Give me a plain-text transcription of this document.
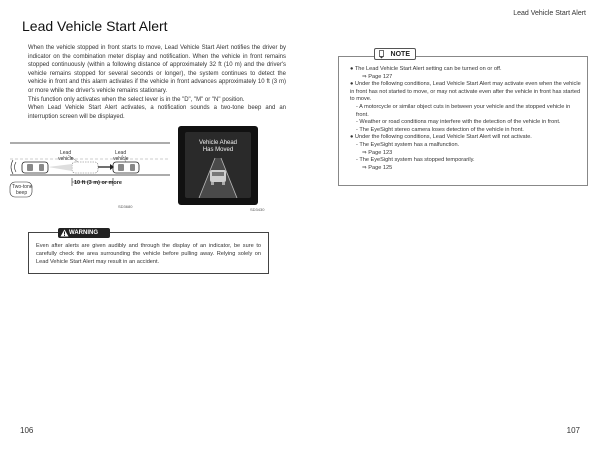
Lead Vehicle Start Alert
Lead Vehicle Start Alert

When the vehicle stopped in front starts to move, Lead Vehicle Start Alert notifies the driver by indicator on the combination meter display and notification. When the vehicle in front remains stopped continuously (within a following distance of approximately 32 ft (10 m) and the driver's vehicle remains stopped for several seconds or longer), the system continues to detect the vehicle in front and this alarm activates if the vehicle in front advances approximately 10 ft (3 m) or more while the driver's vehicle remains stationary.

This function only activates when the select lever is in the "D", "M" or "N" position.

When Lead Vehicle Start Alert activates, a notification sounds a two-tone beep and an interruption screen will be displayed.

Lead
vehicle
Lead
vehicle
Two-tone
beep
10 ft (3 m) or more
SD3680
Vehicle Ahead
Has Moved
SD3430
WARNING

Even after alerts are given audibly and through the display of an indicator, be sure to carefully check the area surrounding the vehicle before pulling away. Relying solely on Lead Vehicle Start Alert may result in an accident.

NOTE
● The Lead Vehicle Start Alert setting can be turned on or off.
⇒ Page 127
● Under the following conditions, Lead Vehicle Start Alert may activate even when the vehicle in front has not started to move, or may not activate even after the vehicle in front has started to move.
- A motorcycle or similar object cuts in between your vehicle and the stopped vehicle in front.
- Weather or road conditions may interfere with the detection of the vehicle in front.
- The EyeSight stereo camera loses detection of the vehicle in front.
● Under the following conditions, Lead Vehicle Start Alert will not activate.
- The EyeSight system has a malfunction.
⇒ Page 123
- The EyeSight system has stopped temporarily.
⇒ Page 125
106	107
